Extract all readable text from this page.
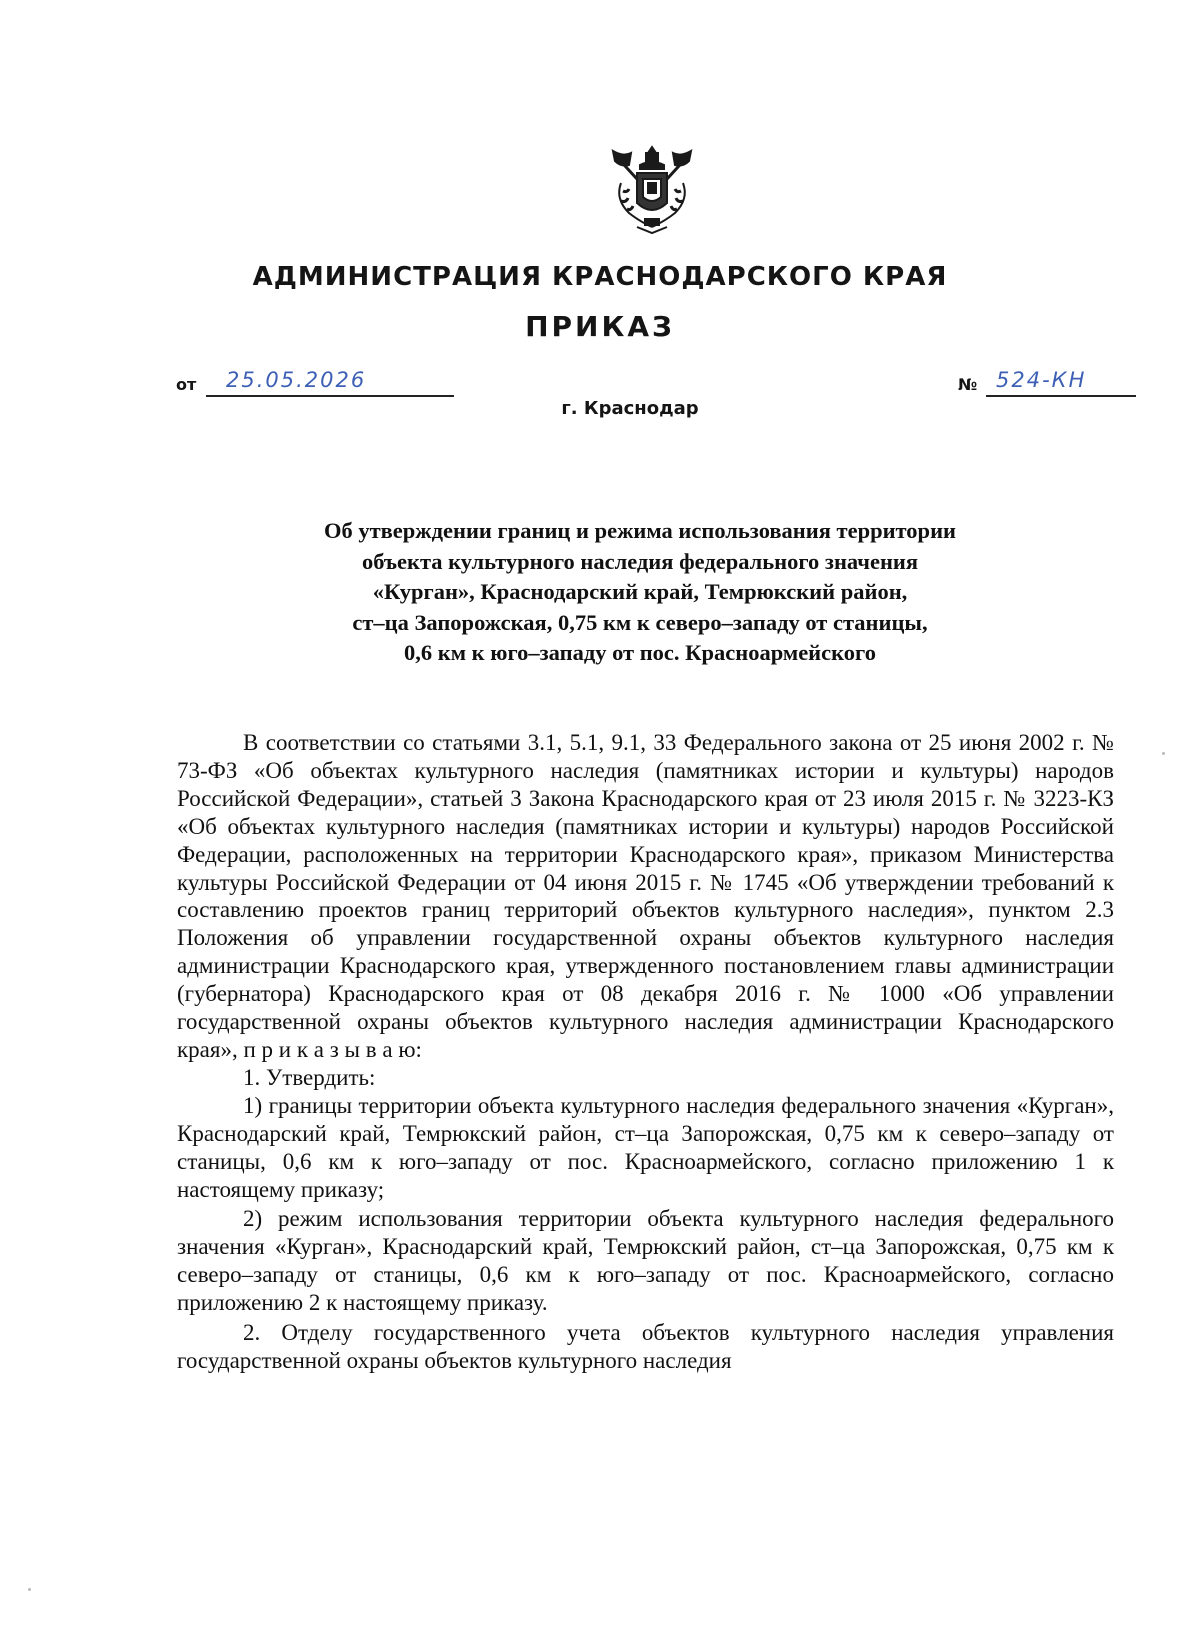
АДМИНИСТРАЦИЯ КРАСНОДАРСКОГО КРАЯ
ПРИКАЗ
от 25.05.2026
г. Краснодар
№ 524-КН
Об утверждении границ и режима использования территории
объекта культурного наследия федерального значения
«Курган», Краснодарский край, Темрюкский район,
ст–ца Запорожская, 0,75 км к северо–западу от станицы,
0,6 км к юго–западу от пос. Красноармейского

В соответствии со статьями 3.1, 5.1, 9.1, 33 Федерального закона от 25 июня 2002 г. № 73-ФЗ «Об объектах культурного наследия (памятниках истории и культуры) народов Российской Федерации», статьей 3 Закона Краснодарского края от 23 июля 2015 г. № 3223-КЗ «Об объектах культурного наследия (памятниках истории и культуры) народов Российской Федерации, расположенных на территории Краснодарского края», приказом Министерства культуры Российской Федерации от 04 июня 2015 г. № 1745 «Об утверждении требований к составлению проектов границ территорий объектов культурного наследия», пунктом 2.3 Положения об управлении государственной охраны объектов культурного наследия администрации Краснодарского края, утвержденного постановлением главы администрации (губернатора) Краснодарского края от 08 декабря 2016 г. № 1000 «Об управлении государственной охраны объектов культурного наследия администрации Краснодарского края», п р и к а з ы в а ю:

1. Утвердить:

1) границы территории объекта культурного наследия федерального значения «Курган», Краснодарский край, Темрюкский район, ст–ца Запорожская, 0,75 км к северо–западу от станицы, 0,6 км к юго–западу от пос. Красноармейского, согласно приложению 1 к настоящему приказу;

2) режим использования территории объекта культурного наследия федерального значения «Курган», Краснодарский край, Темрюкский район, ст–ца Запорожская, 0,75 км к северо–западу от станицы, 0,6 км к юго–западу от пос. Красноармейского, согласно приложению 2 к настоящему приказу.

2. Отделу государственного учета объектов культурного наследия управления государственной охраны объектов культурного наследия
